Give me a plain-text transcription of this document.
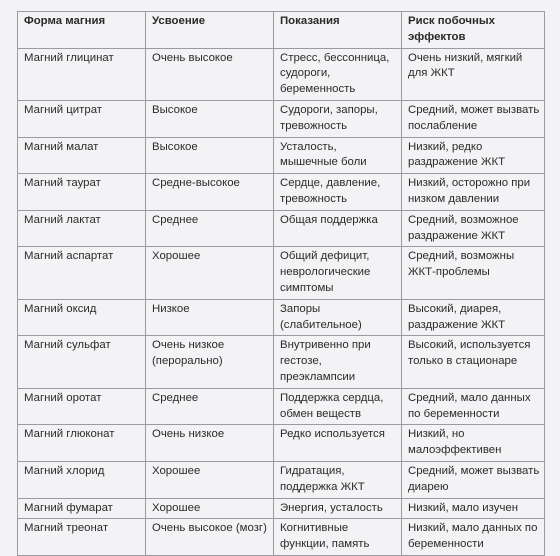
Форма магния	Усвоение	Показания	Риск побочных эффектов
Магний глицинат	Очень высокое	Стресс, бессонница, судороги, беременность	Очень низкий, мягкий для ЖКТ
Магний цитрат	Высокое	Судороги, запоры, тревожность	Средний, может вызвать послабление
Магний малат	Высокое	Усталость, мышечные боли	Низкий, редко раздражение ЖКТ
Магний таурат	Средне-высокое	Сердце, давление, тревожность	Низкий, осторожно при низком давлении
Магний лактат	Среднее	Общая поддержка	Средний, возможное раздражение ЖКТ
Магний аспартат	Хорошее	Общий дефицит, неврологические симптомы	Средний, возможны ЖКТ-проблемы
Магний оксид	Низкое	Запоры (слабительное)	Высокий, диарея, раздражение ЖКТ
Магний сульфат	Очень низкое (перорально)	Внутривенно при гестозе, преэклампсии	Высокий, используется только в стационаре
Магний оротат	Среднее	Поддержка сердца, обмен веществ	Средний, мало данных по беременности
Магний глюконат	Очень низкое	Редко используется	Низкий, но малоэффективен
Магний хлорид	Хорошее	Гидратация, поддержка ЖКТ	Средний, может вызвать диарею
Магний фумарат	Хорошее	Энергия, усталость	Низкий, мало изучен
Магний треонат	Очень высокое (мозг)	Когнитивные функции, память	Низкий, мало данных по беременности
